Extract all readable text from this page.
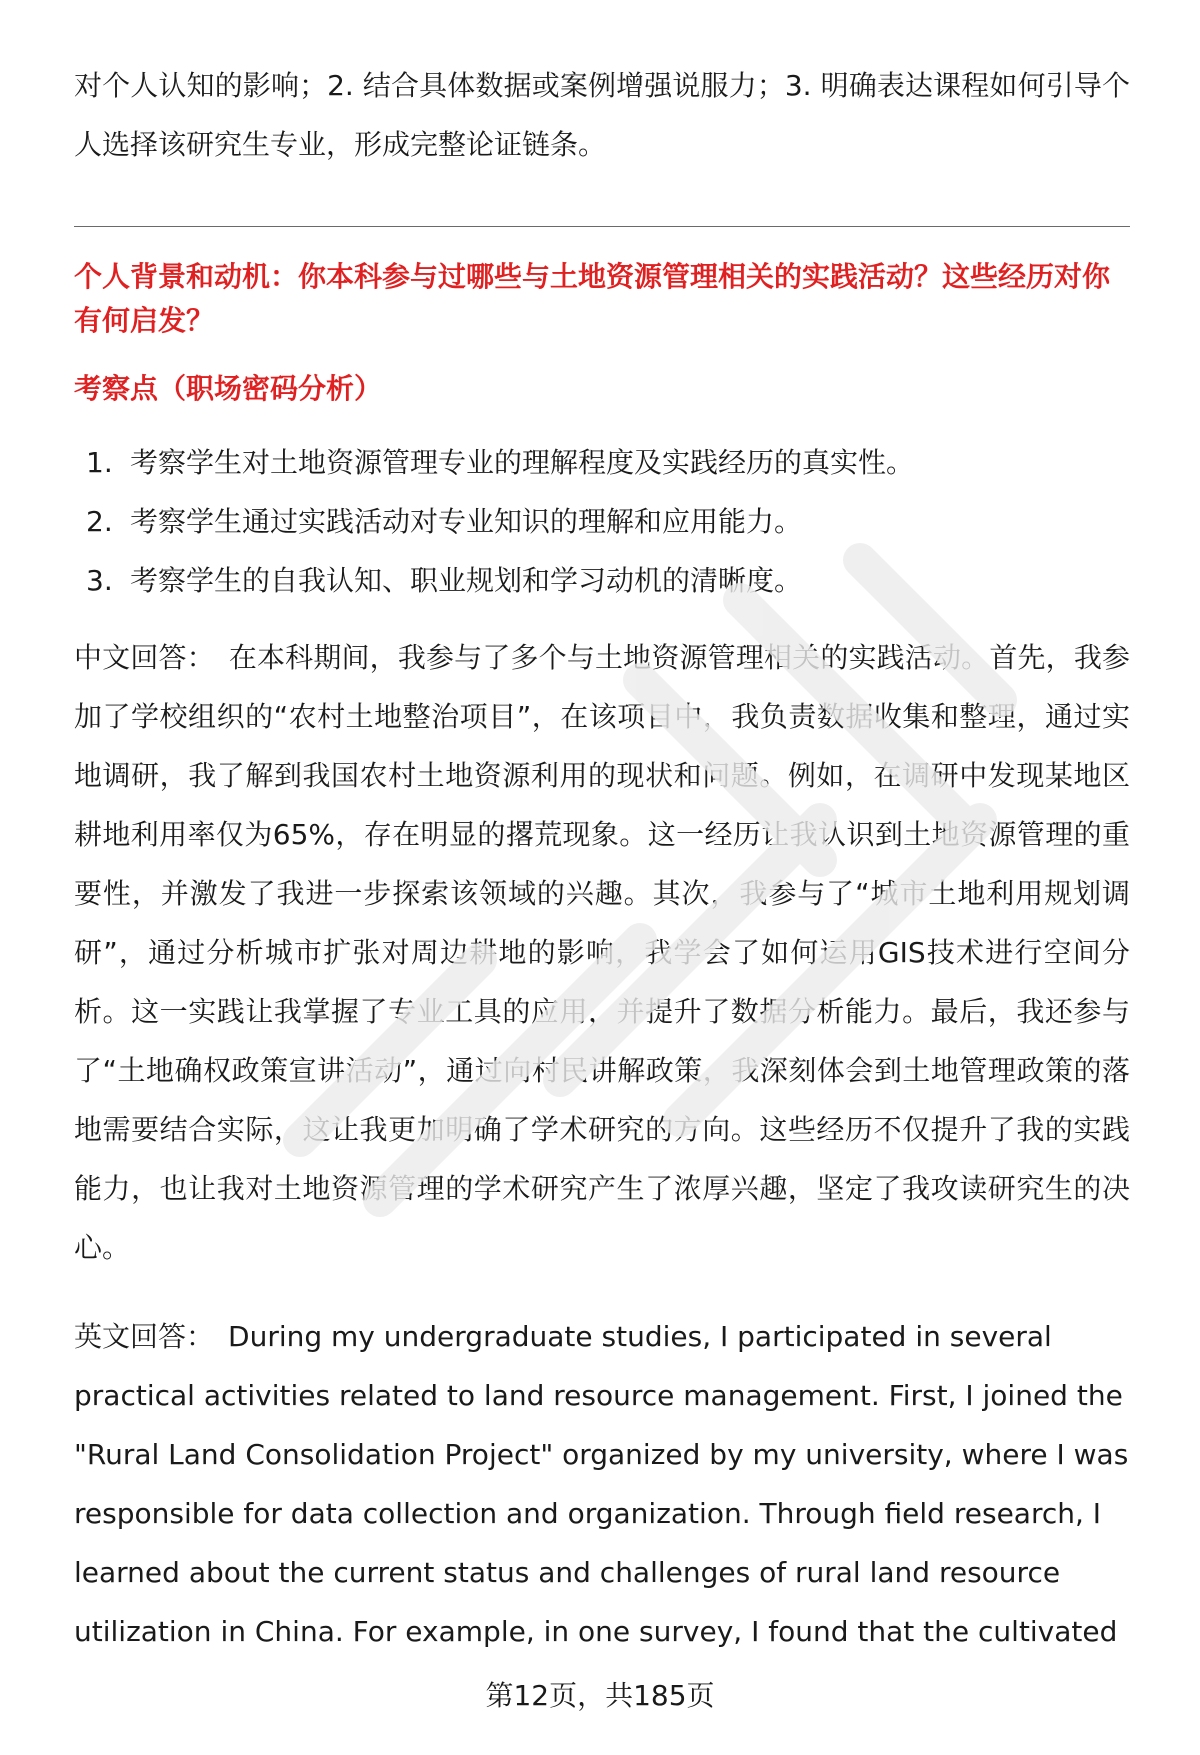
对个人认知的影响；2. 结合具体数据或案例增强说服力；3. 明确表达课程如何引导个人选择该研究生专业，形成完整论证链条。

个人背景和动机：你本科参与过哪些与土地资源管理相关的实践活动？这些经历对你有何启发？

考察点（职场密码分析）

1. 考察学生对土地资源管理专业的理解程度及实践经历的真实性。
2. 考察学生通过实践活动对专业知识的理解和应用能力。
3. 考察学生的自我认知、职业规划和学习动机的清晰度。

中文回答： 在本科期间，我参与了多个与土地资源管理相关的实践活动。首先，我参加了学校组织的“农村土地整治项目”，在该项目中，我负责数据收集和整理，通过实地调研，我了解到我国农村土地资源利用的现状和问题。例如，在调研中发现某地区耕地利用率仅为65%，存在明显的撂荒现象。这一经历让我认识到土地资源管理的重要性，并激发了我进一步探索该领域的兴趣。其次，我参与了“城市土地利用规划调研”，通过分析城市扩张对周边耕地的影响，我学会了如何运用GIS技术进行空间分析。这一实践让我掌握了专业工具的应用，并提升了数据分析能力。最后，我还参与了“土地确权政策宣讲活动”，通过向村民讲解政策，我深刻体会到土地管理政策的落地需要结合实际，这让我更加明确了学术研究的方向。这些经历不仅提升了我的实践能力，也让我对土地资源管理的学术研究产生了浓厚兴趣，坚定了我攻读研究生的决心。

英文回答： During my undergraduate studies, I participated in several practical activities related to land resource management. First, I joined the "Rural Land Consolidation Project" organized by my university, where I was responsible for data collection and organization. Through field research, I learned about the current status and challenges of rural land resource utilization in China. For example, in one survey, I found that the cultivated

第12页，共185页
